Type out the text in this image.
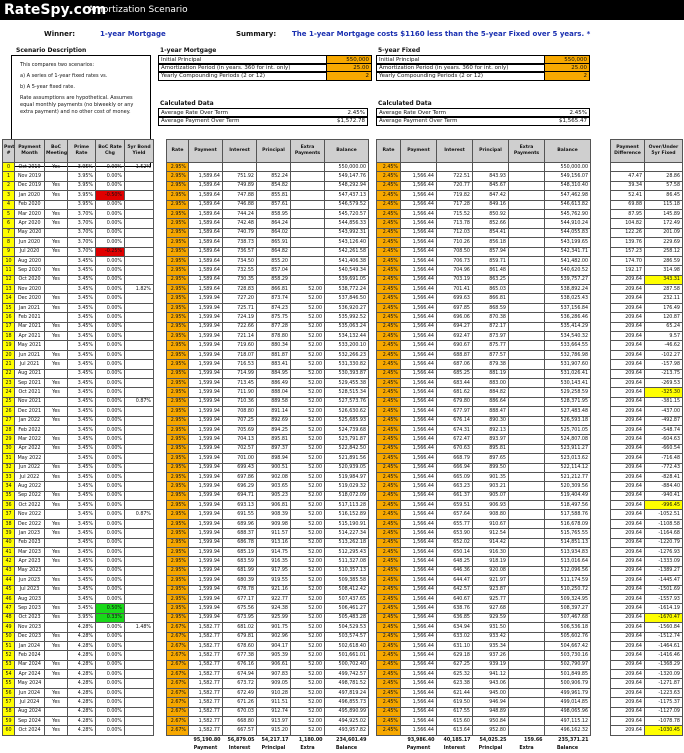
RateSpy.com
Amortization Scenario
Winner:	1-year Mortgage	Summary: The 1-year Mortgage costs $1160 less than the 5-year Fixed over 5 years. *
Scenario Description
This compares two scenarios:
a) A series of 1-year fixed rates vs.
b) A 5-year fixed rate.
Rate assumptions are hypothetical. Assumes equal monthly payments (no biweekly or any extra payment) and no other cost of money.
1-year Mortgage
Initial Principal	550,000
Amortization Period (in years. 360 for int. only)	25.00
Yearly Compounding Periods (2 or 12)	2
5-year Fixed
Initial Principal	550,000
Amortization Period (in years. 360 for int. only)	25.00
Yearly Compounding Periods (2 or 12)	2
Calculated Data
Average Rate Over Term	2.45%
Average Payment Over Term	$1,572.78
Calculated Data
Average Rate Over Term	2.45%
Average Payment Over Term	$1,565.47
Pmt #	Payment Month	BoC Meeting	Prime Rate	BoC Rate Chg	5yr Bond Yield
0	Oct 2019	Yes	3.95%	0.00%	1.52%
1	Nov 2019		3.95%	0.00%	
2	Dec 2019	Yes	3.95%	0.00%	
3	Jan 2020	Yes	3.95%	-0.50%	
4	Feb 2020		3.95%	0.00%	
5	Mar 2020	Yes	3.70%	0.00%	
6	Apr 2020	Yes	3.70%	0.00%	
7	May 2020		3.70%	0.00%	
8	Jun 2020	Yes	3.70%	0.00%	
9	Jul 2020	Yes	3.70%	-0.25%	
10	Aug 2020		3.45%	0.00%	
11	Sep 2020	Yes	3.45%	0.00%	
12	Oct 2020	Yes	3.45%	0.00%	
13	Nov 2020		3.45%	0.00%	1.82%
14	Dec 2020	Yes	3.45%	0.00%	
15	Jan 2021	Yes	3.45%	0.00%	
16	Feb 2021		3.45%	0.00%	
17	Mar 2021	Yes	3.45%	0.00%	
18	Apr 2021	Yes	3.45%	0.00%	
19	May 2021		3.45%	0.00%	
20	Jun 2021	Yes	3.45%	0.00%	
21	Jul 2021	Yes	3.45%	0.00%	
22	Aug 2021		3.45%	0.00%	
23	Sep 2021	Yes	3.45%	0.00%	
24	Oct 2021	Yes	3.45%	0.00%	
25	Nov 2021		3.45%	0.00%	0.87%
26	Dec 2021	Yes	3.45%	0.00%	
27	Jan 2022	Yes	3.45%	0.00%	
28	Feb 2022		3.45%	0.00%	
29	Mar 2022	Yes	3.45%	0.00%	
30	Apr 2022	Yes	3.45%	0.00%	
31	May 2022		3.45%	0.00%	
32	Jun 2022	Yes	3.45%	0.00%	
33	Jul 2022	Yes	3.45%	0.00%	
34	Aug 2022		3.45%	0.00%	
35	Sep 2022	Yes	3.45%	0.00%	
36	Oct 2022	Yes	3.45%	0.00%	
37	Nov 2022		3.45%	0.00%	0.87%
38	Dec 2022	Yes	3.45%	0.00%	
39	Jan 2023	Yes	3.45%	0.00%	
40	Feb 2023		3.45%	0.00%	
41	Mar 2023	Yes	3.45%	0.00%	
42	Apr 2023	Yes	3.45%	0.00%	
43	May 2023		3.45%	0.00%	
44	Jun 2023	Yes	3.45%	0.00%	
45	Jul 2023	Yes	3.45%	0.00%	
46	Aug 2023		3.45%	0.00%	
47	Sep 2023	Yes	3.45%	0.50%	
48	Oct 2023	Yes	3.95%	0.33%	
49	Nov 2023		4.28%	0.00%	1.48%
50	Dec 2023	Yes	4.28%	0.00%	
51	Jan 2024	Yes	4.28%	0.00%	
52	Feb 2024		4.28%	0.00%	
53	Mar 2024	Yes	4.28%	0.00%	
54	Apr 2024	Yes	4.28%	0.00%	
55	May 2024		4.28%	0.00%	
56	Jun 2024	Yes	4.28%	0.00%	
57	Jul 2024	Yes	4.28%	0.00%	
58	Aug 2024		4.28%	0.00%	
59	Sep 2024	Yes	4.28%	0.00%	
60	Oct 2024	Yes	4.28%	0.00%	
Rate	Payment	Interest	Principal	Extra Payments	Balance
2.95%					550,000.00
2.95%	1,589.64	751.92	852.24		549,147.76
2.95%	1,589.64	749.89	854.82		548,292.94
2.95%	1,589.64	747.88	855.81		547,437.13
2.95%	1,589.64	746.88	857.61		546,579.52
2.95%	1,589.64	744.24	858.95		545,720.57
2.95%	1,589.64	742.48	864.24		544,856.33
2.95%	1,589.64	740.79	864.02		543,992.31
2.95%	1,589.64	738.73	865.91		543,126.40
2.95%	1,589.64	736.57	864.82		542,261.58
2.95%	1,589.64	734.50	855.20		541,406.38
2.95%	1,589.64	732.55	857.04		540,549.34
2.95%	1,589.64	730.35	858.29		539,691.05
2.95%	1,589.64	728.83	866.81	52.00	538,772.24
2.95%	1,599.94	727.20	873.74	52.00	537,846.50
2.95%	1,599.94	725.71	874.23	52.00	536,920.27
2.95%	1,599.94	724.19	875.75	52.00	535,992.52
2.95%	1,599.94	722.66	877.28	52.00	535,063.24
2.95%	1,599.94	721.14	878.80	52.00	534,132.44
2.95%	1,599.94	719.60	880.34	52.00	533,200.10
2.95%	1,599.94	718.07	881.87	52.00	532,266.23
2.95%	1,599.94	716.53	883.41	52.00	531,330.82
2.95%	1,599.94	714.99	884.95	52.00	530,393.87
2.95%	1,599.94	713.45	886.49	52.00	529,455.38
2.95%	1,599.94	711.90	888.04	52.00	528,515.34
2.95%	1,599.94	710.36	889.58	52.00	527,573.76
2.95%	1,599.94	708.80	891.14	52.00	526,630.62
2.95%	1,599.94	707.25	892.69	52.00	525,685.93
2.95%	1,599.94	705.69	894.25	52.00	524,739.68
2.95%	1,599.94	704.13	895.81	52.00	523,791.87
2.95%	1,599.94	702.57	897.37	52.00	522,842.50
2.95%	1,599.94	701.00	898.94	52.00	521,891.56
2.95%	1,599.94	699.43	900.51	52.00	520,939.05
2.95%	1,599.94	697.86	902.08	52.00	519,984.97
2.95%	1,599.94	696.29	903.65	52.00	519,029.32
2.95%	1,599.94	694.71	905.23	52.00	518,072.09
2.95%	1,599.94	693.13	906.81	52.00	517,113.28
2.95%	1,599.94	691.55	908.39	52.00	516,152.89
2.95%	1,599.94	689.96	909.98	52.00	515,190.91
2.95%	1,599.94	688.37	911.57	52.00	514,227.34
2.95%	1,599.94	686.78	913.16	52.00	513,262.18
2.95%	1,599.94	685.19	914.75	52.00	512,295.43
2.95%	1,599.94	683.59	916.35	52.00	511,327.08
2.95%	1,599.94	681.99	917.95	52.00	510,357.13
2.95%	1,599.94	680.39	919.55	52.00	509,385.58
2.95%	1,599.94	678.78	921.16	52.00	508,412.42
2.95%	1,599.94	677.17	922.77	52.00	507,437.65
2.95%	1,599.94	675.56	924.38	52.00	506,461.27
2.95%	1,599.94	673.95	925.99	52.00	505,483.28
2.67%	1,582.77	681.02	901.75	52.00	504,529.53
2.67%	1,582.77	679.81	902.96	52.00	503,574.57
2.67%	1,582.77	678.60	904.17	52.00	502,618.40
2.67%	1,582.77	677.38	905.39	52.00	501,661.01
2.67%	1,582.77	676.16	906.61	52.00	500,702.40
2.67%	1,582.77	674.94	907.83	52.00	499,742.57
2.67%	1,582.77	673.72	909.05	52.00	498,781.52
2.67%	1,582.77	672.49	910.28	52.00	497,819.24
2.67%	1,582.77	671.26	911.51	52.00	496,855.73
2.67%	1,582.77	670.03	912.74	52.00	495,890.99
2.67%	1,582.77	668.80	913.97	52.00	494,925.02
2.67%	1,582.77	667.57	915.20	52.00	493,957.82
	95,190.80	56,879.05	54,217.17	1,180.00	234,601.49
	Payment	Interest	Principal	Extra	Balance
Rate	Payment	Interest	Principal	Extra Payments	Balance
2.45%					550,000.00
2.45%	1,566.44	722.51	843.93		549,156.07
2.45%	1,566.44	720.77	845.67		548,310.40
2.45%	1,566.44	719.82	847.42		547,462.98
2.45%	1,566.44	717.28	849.16		546,613.82
2.45%	1,566.44	715.52	850.92		545,762.90
2.45%	1,566.44	713.78	852.66		544,910.24
2.45%	1,566.44	712.03	854.41		544,055.83
2.45%	1,566.44	710.26	856.18		543,199.65
2.45%	1,566.44	708.50	857.94		542,341.71
2.45%	1,566.44	706.73	859.71		541,482.00
2.45%	1,566.44	704.96	861.48		540,620.52
2.45%	1,566.44	703.19	863.25		539,757.27
2.45%	1,566.44	701.41	865.03		538,892.24
2.45%	1,566.44	699.63	866.81		538,025.43
2.45%	1,566.44	697.85	868.59		537,156.84
2.45%	1,566.44	696.06	870.38		536,286.46
2.45%	1,566.44	694.27	872.17		535,414.29
2.45%	1,566.44	692.47	873.97		534,540.32
2.45%	1,566.44	690.67	875.77		533,664.55
2.45%	1,566.44	688.87	877.57		532,786.98
2.45%	1,566.44	687.06	879.38		531,907.60
2.45%	1,566.44	685.25	881.19		531,026.41
2.45%	1,566.44	683.44	883.00		530,143.41
2.45%	1,566.44	681.62	884.82		529,258.59
2.45%	1,566.44	679.80	886.64		528,371.95
2.45%	1,566.44	677.97	888.47		527,483.48
2.45%	1,566.44	676.14	890.30		526,593.18
2.45%	1,566.44	674.31	892.13		525,701.05
2.45%	1,566.44	672.47	893.97		524,807.08
2.45%	1,566.44	670.63	895.81		523,911.27
2.45%	1,566.44	668.79	897.65		523,013.62
2.45%	1,566.44	666.94	899.50		522,114.12
2.45%	1,566.44	665.09	901.35		521,212.77
2.45%	1,566.44	663.23	903.21		520,309.56
2.45%	1,566.44	661.37	905.07		519,404.49
2.45%	1,566.44	659.51	906.93		518,497.56
2.45%	1,566.44	657.64	908.80		517,588.76
2.45%	1,566.44	655.77	910.67		516,678.09
2.45%	1,566.44	653.90	912.54		515,765.55
2.45%	1,566.44	652.02	914.42		514,851.13
2.45%	1,566.44	650.14	916.30		513,934.83
2.45%	1,566.44	648.25	918.19		513,016.64
2.45%	1,566.44	646.36	920.08		512,096.56
2.45%	1,566.44	644.47	921.97		511,174.59
2.45%	1,566.44	642.57	923.87		510,250.72
2.45%	1,566.44	640.67	925.77		509,324.95
2.45%	1,566.44	638.76	927.68		508,397.27
2.45%	1,566.44	636.85	929.59		507,467.68
2.45%	1,566.44	634.94	931.50		506,536.18
2.45%	1,566.44	633.02	933.42		505,602.76
2.45%	1,566.44	631.10	935.34		504,667.42
2.45%	1,566.44	629.18	937.26		503,730.16
2.45%	1,566.44	627.25	939.19		502,790.97
2.45%	1,566.44	625.32	941.12		501,849.85
2.45%	1,566.44	623.38	943.06		500,906.79
2.45%	1,566.44	621.44	945.00		499,961.79
2.45%	1,566.44	619.50	946.94		499,014.85
2.45%	1,566.44	617.55	948.89		498,065.96
2.45%	1,566.44	615.60	950.84		497,115.12
2.45%	1,566.44	613.64	952.80		496,162.32
	93,986.40	40,185.17	54,025.25	159.66	235,371.21
	Payment	Interest	Principal	Extra	Balance
Payment Difference	Over/Under 5yr Fixed

47.47	28.86
39.34	57.58
52.41	86.45
69.88	115.18
87.95	145.89
104.82	172.49
122.26	201.09
139.76	229.69
157.23	258.12
174.70	286.59
192.17	314.98
209.64	343.31
209.64	287.58
209.64	232.11
209.64	176.49
209.64	120.87
209.64	65.24
209.64	9.57
209.64	-46.62
209.64	-102.27
209.64	-157.98
209.64	-213.75
209.64	-269.53
209.64	-325.30
209.64	-381.15
209.64	-437.00
209.64	-492.87
209.64	-548.74
209.64	-604.63
209.64	-660.54
209.64	-716.48
209.64	-772.43
209.64	-828.41
209.64	-884.40
209.64	-940.41
209.64	-996.45
209.64	-1052.51
209.64	-1108.58
209.64	-1164.68
209.64	-1220.79
209.64	-1276.93
209.64	-1333.09
209.64	-1389.27
209.64	-1445.47
209.64	-1501.69
209.64	-1557.93
209.64	-1614.19
209.64	-1670.47
209.64	-1560.84
209.64	-1512.74
209.64	-1464.61
209.64	-1416.46
209.64	-1368.29
209.64	-1320.09
209.64	-1271.87
209.64	-1223.63
209.64	-1175.37
209.64	-1127.09
209.64	-1078.78
209.64	-1030.45
